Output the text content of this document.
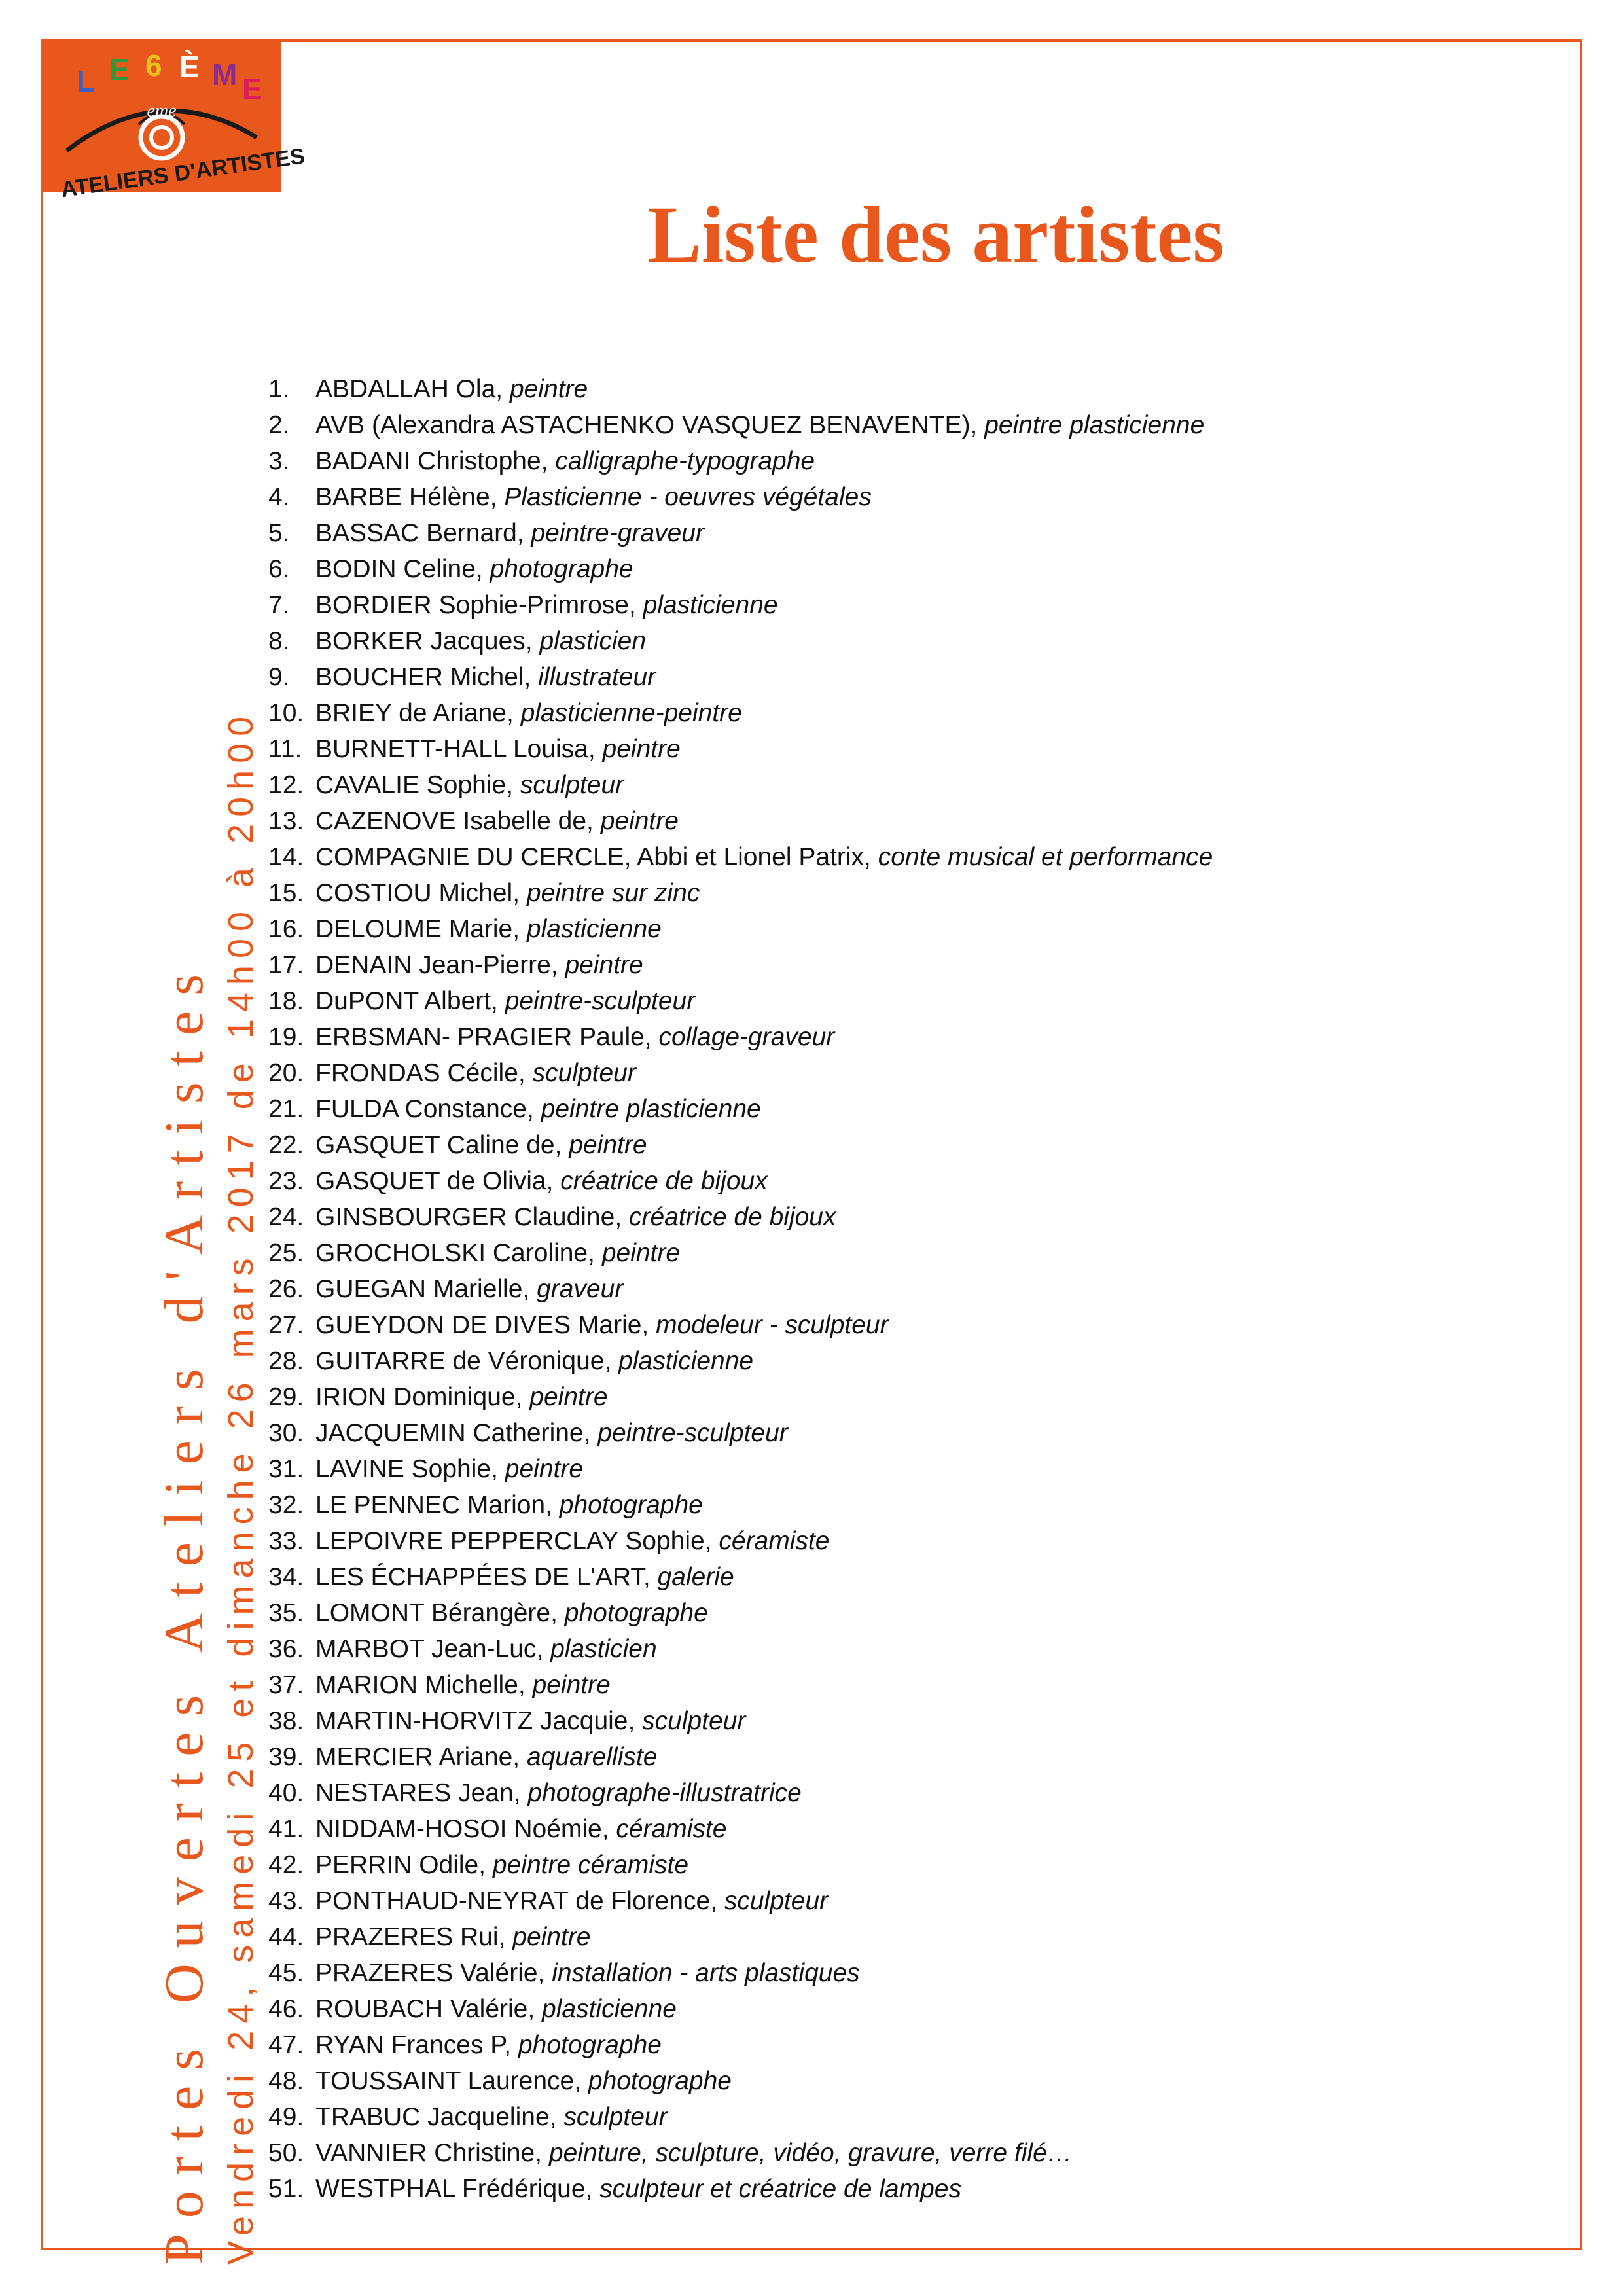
eme
L E 6 È M E
ATELIERS D'ARTISTES
Liste des artistes
Portes Ouvertes Ateliers d'Artistes Vendredi 24, samedi 25 et dimanche 26 mars 2017 de 14h00 à 20h00
1.	ABDALLAH Ola, peintre
2.	AVB (Alexandra ASTACHENKO VASQUEZ BENAVENTE), peintre plasticienne
3.	BADANI Christophe, calligraphe-typographe
4.	BARBE Hélène, Plasticienne - oeuvres végétales
5.	BASSAC Bernard, peintre-graveur
6.	BODIN Celine, photographe
7.	BORDIER Sophie-Primrose, plasticienne
8.	BORKER Jacques, plasticien
9.	BOUCHER Michel, illustrateur
10. BRIEY de Ariane, plasticienne-peintre
11. BURNETT-HALL Louisa, peintre
12. CAVALIE Sophie, sculpteur
13. CAZENOVE Isabelle de, peintre
14. COMPAGNIE DU CERCLE, Abbi et Lionel Patrix, conte musical et performance
15. COSTIOU Michel, peintre sur zinc
16. DELOUME Marie, plasticienne
17. DENAIN Jean-Pierre, peintre
18. DuPONT Albert, peintre-sculpteur
19. ERBSMAN- PRAGIER Paule, collage-graveur
20. FRONDAS Cécile, sculpteur
21. FULDA Constance, peintre plasticienne
22. GASQUET Caline de, peintre
23. GASQUET de Olivia, créatrice de bijoux
24. GINSBOURGER Claudine, créatrice de bijoux
25. GROCHOLSKI Caroline, peintre
26. GUEGAN Marielle, graveur
27. GUEYDON DE DIVES Marie, modeleur - sculpteur
28. GUITARRE de Véronique, plasticienne
29. IRION Dominique, peintre
30. JACQUEMIN Catherine, peintre-sculpteur
31. LAVINE Sophie, peintre
32. LE PENNEC Marion, photographe
33. LEPOIVRE PEPPERCLAY Sophie, céramiste
34. LES ÉCHAPPÉES DE L'ART, galerie
35. LOMONT Bérangère, photographe
36. MARBOT Jean-Luc, plasticien
37. MARION Michelle, peintre
38. MARTIN-HORVITZ Jacquie, sculpteur
39. MERCIER Ariane, aquarelliste
40. NESTARES Jean, photographe-illustratrice
41. NIDDAM-HOSOI Noémie, céramiste
42. PERRIN Odile, peintre céramiste
43. PONTHAUD-NEYRAT de Florence, sculpteur
44. PRAZERES Rui, peintre
45. PRAZERES Valérie, installation - arts plastiques
46. ROUBACH Valérie, plasticienne
47. RYAN Frances P, photographe
48. TOUSSAINT Laurence, photographe
49. TRABUC Jacqueline, sculpteur
50. VANNIER Christine, peinture, sculpture, vidéo, gravure, verre filé…
51. WESTPHAL Frédérique, sculpteur et créatrice de lampes
